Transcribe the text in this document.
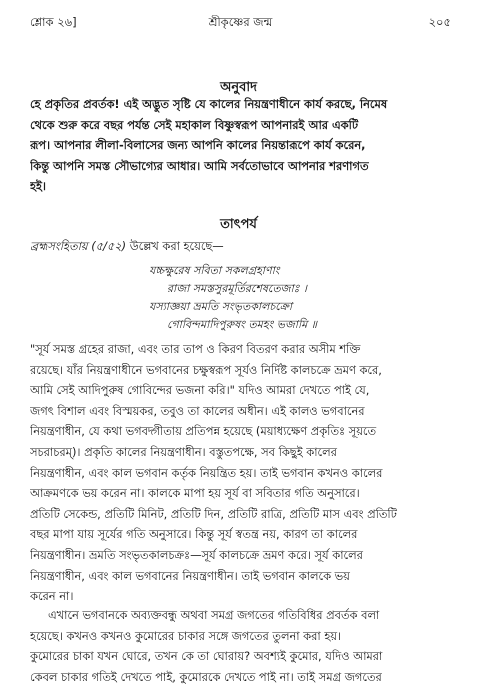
শ্লোক ২৬]	শ্রীকৃষ্ণের জন্ম	২০৫
অনুবাদ
হে প্রকৃতির প্রবর্তক! এই অদ্ভুত সৃষ্টি যে কালের নিয়ন্ত্রণাধীনে কার্য করছে, নিমেষ
থেকে শুরু করে বছর পর্যন্ত সেই মহাকাল বিষ্ণুস্বরূপ আপনারই আর একটি
রূপ। আপনার লীলা-বিলাসের জন্য আপনি কালের নিয়ন্তারূপে কার্য করেন,
কিন্তু আপনি সমস্ত সৌভাগ্যের আধার। আমি সর্বতোভাবে আপনার শরণাগত
হই।
তাৎপর্য
ব্রহ্মসংহিতায় (৫/৫২) উল্লেখ করা হয়েছে—
যচ্চক্ষুরেষ সবিতা সকলগ্রহাণাং
রাজা সমস্তসুরমূর্তিরশেষতেজাঃ ।
যস্যাজ্ঞয়া ভ্রমতি সংভৃতকালচক্রো
গোবিন্দমাদিপুরুষং তমহং ভজামি ॥
"সূর্য সমস্ত গ্রহের রাজা, এবং তার তাপ ও কিরণ বিতরণ করার অসীম শক্তি
রয়েছে। যাঁর নিয়ন্ত্রণাধীনে ভগবানের চক্ষুস্বরূপ সূর্যও নির্দিষ্ট কালচক্রে ভ্রমণ করে,
আমি সেই আদিপুরুষ গোবিন্দের ভজনা করি।" যদিও আমরা দেখতে পাই যে,
জগৎ বিশাল এবং বিস্ময়কর, তবুও তা কালের অধীন। এই কালও ভগবানের
নিয়ন্ত্রণাধীন, যে কথা ভগবদ্গীতায় প্রতিপন্ন হয়েছে (ময়াধ্যক্ষেণ প্রকৃতিঃ সূয়তে
সচরাচরম্)। প্রকৃতি কালের নিয়ন্ত্রণাধীন। বস্তুতপক্ষে, সব কিছুই কালের
নিয়ন্ত্রণাধীন, এবং কাল ভগবান কর্তৃক নিয়ন্ত্রিত হয়। তাই ভগবান কখনও কালের
আক্রমণকে ভয় করেন না। কালকে মাপা হয় সূর্য বা সবিতার গতি অনুসারে।
প্রতিটি সেকেন্ড, প্রতিটি মিনিট, প্রতিটি দিন, প্রতিটি রাত্রি, প্রতিটি মাস এবং প্রতিটি
বছর মাপা যায় সূর্যের গতি অনুসারে। কিন্তু সূর্য স্বতন্ত্র নয়, কারণ তা কালের
নিয়ন্ত্রণাধীন। ভ্রমতি সংভৃতকালচক্রঃ—সূর্য কালচক্রে ভ্রমণ করে। সূর্য কালের
নিয়ন্ত্রণাধীন, এবং কাল ভগবানের নিয়ন্ত্রণাধীন। তাই ভগবান কালকে ভয়
করেন না।
এখানে ভগবানকে অব্যক্তবন্ধু অথবা সমগ্র জগতের গতিবিধির প্রবর্তক বলা
হয়েছে। কখনও কখনও কুমোরের চাকার সঙ্গে জগতের তুলনা করা হয়।
কুমোরের চাকা যখন ঘোরে, তখন কে তা ঘোরায়? অবশ্যই কুমোর, যদিও আমরা
কেবল চাকার গতিই দেখতে পাই, কুমোরকে দেখতে পাই না। তাই সমগ্র জগতের
